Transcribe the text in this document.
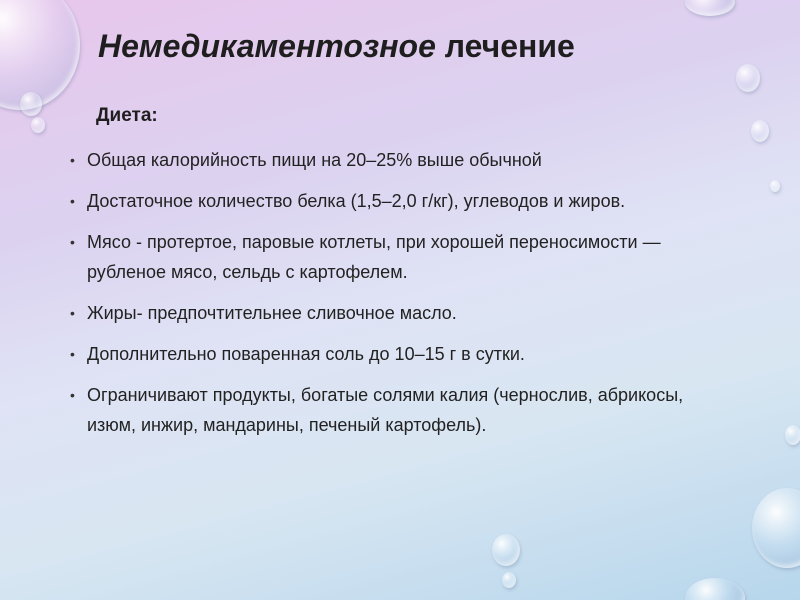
Немедикаментозное лечение
Диета:
• Общая калорийность пищи на 20–25% выше обычной
• Достаточное количество белка (1,5–2,0 г/кг), углеводов и жиров.
• Мясо - протертое, паровые котлеты, при хорошей переносимости — рубленое мясо, сельдь с картофелем.
• Жиры- предпочтительнее сливочное масло.
• Дополнительно поваренная соль до 10–15 г в сутки.
• Ограничивают продукты, богатые солями калия (чернослив, абрикосы, изюм, инжир, мандарины, печеный картофель).
